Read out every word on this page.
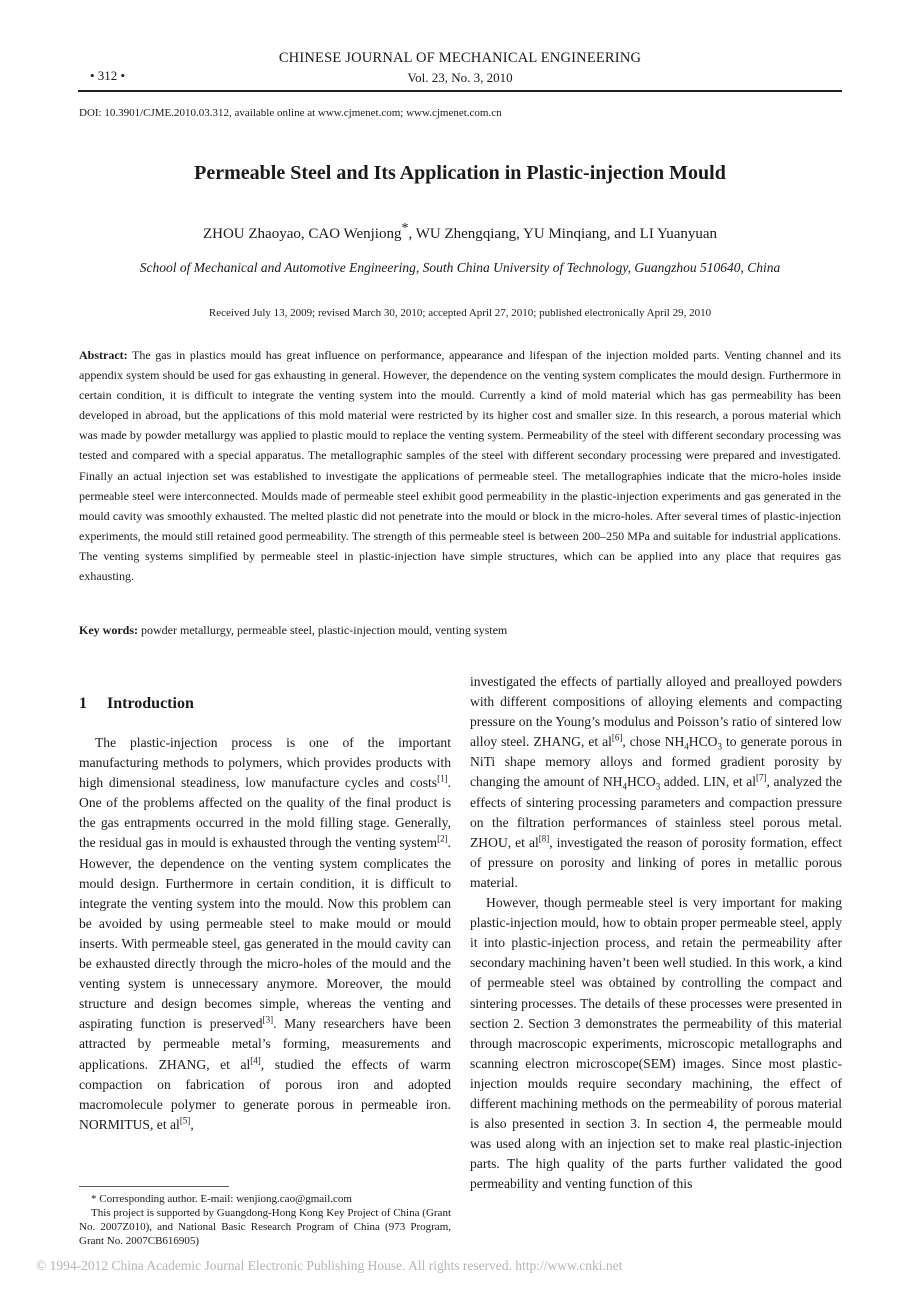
• 312 •
CHINESE JOURNAL OF MECHANICAL ENGINEERING
Vol. 23, No. 3, 2010
DOI: 10.3901/CJME.2010.03.312, available online at www.cjmenet.com; www.cjmenet.com.cn
Permeable Steel and Its Application in Plastic-injection Mould
ZHOU Zhaoyao, CAO Wenjiong*, WU Zhengqiang, YU Minqiang, and LI Yuanyuan
School of Mechanical and Automotive Engineering, South China University of Technology, Guangzhou 510640, China
Received July 13, 2009; revised March 30, 2010; accepted April 27, 2010; published electronically April 29, 2010
Abstract: The gas in plastics mould has great influence on performance, appearance and lifespan of the injection molded parts. Venting channel and its appendix system should be used for gas exhausting in general. However, the dependence on the venting system complicates the mould design. Furthermore in certain condition, it is difficult to integrate the venting system into the mould. Currently a kind of mold material which has gas permeability has been developed in abroad, but the applications of this mold material were restricted by its higher cost and smaller size. In this research, a porous material which was made by powder metallurgy was applied to plastic mould to replace the venting system. Permeability of the steel with different secondary processing was tested and compared with a special apparatus. The metallographic samples of the steel with different secondary processing were prepared and investigated. Finally an actual injection set was established to investigate the applications of permeable steel. The metallographies indicate that the micro-holes inside permeable steel were interconnected. Moulds made of permeable steel exhibit good permeability in the plastic-injection experiments and gas generated in the mould cavity was smoothly exhausted. The melted plastic did not penetrate into the mould or block in the micro-holes. After several times of plastic-injection experiments, the mould still retained good permeability. The strength of this permeable steel is between 200–250 MPa and suitable for industrial applications. The venting systems simplified by permeable steel in plastic-injection have simple structures, which can be applied into any place that requires gas exhausting.
Key words: powder metallurgy, permeable steel, plastic-injection mould, venting system
1 Introduction

The plastic-injection process is one of the important manufacturing methods to polymers, which provides products with high dimensional steadiness, low manufacture cycles and costs[1]. One of the problems affected on the quality of the final product is the gas entrapments occurred in the mold filling stage. Generally, the residual gas in mould is exhausted through the venting system[2]. However, the dependence on the venting system complicates the mould design. Furthermore in certain condition, it is difficult to integrate the venting system into the mould. Now this problem can be avoided by using permeable steel to make mould or mould inserts. With permeable steel, gas generated in the mould cavity can be exhausted directly through the micro-holes of the mould and the venting system is unnecessary anymore. Moreover, the mould structure and design becomes simple, whereas the venting and aspirating function is preserved[3]. Many researchers have been attracted by permeable metal’s forming, measurements and applications. ZHANG, et al[4], studied the effects of warm compaction on fabrication of porous iron and adopted macromolecule polymer to generate porous in permeable iron. NORMITUS, et al[5],

investigated the effects of partially alloyed and prealloyed powders with different compositions of alloying elements and compacting pressure on the Young’s modulus and Poisson’s ratio of sintered low alloy steel. ZHANG, et al[6], chose $NH_4HCO_3$ to generate porous in NiTi shape memory alloys and formed gradient porosity by changing the amount of $NH_4HCO_3$ added. LIN, et al[7], analyzed the effects of sintering processing parameters and compaction pressure on the filtration performances of stainless steel porous metal. ZHOU, et al[8], investigated the reason of porosity formation, effect of pressure on porosity and linking of pores in metallic porous material.

However, though permeable steel is very important for making plastic-injection mould, how to obtain proper permeable steel, apply it into plastic-injection process, and retain the permeability after secondary machining haven’t been well studied. In this work, a kind of permeable steel was obtained by controlling the compact and sintering processes. The details of these processes were presented in section 2. Section 3 demonstrates the permeability of this material through macroscopic experiments, microscopic metallographs and scanning electron microscope(SEM) images. Since most plastic-injection moulds require secondary machining, the effect of different machining methods on the permeability of porous material is also presented in section 3. In section 4, the permeable mould was used along with an injection set to make real plastic-injection parts. The high quality of the parts further validated the good permeability and venting function of this

* Corresponding author. E-mail: wenjiong.cao@gmail.com
This project is supported by Guangdong-Hong Kong Key Project of China (Grant No. 2007Z010), and National Basic Research Program of China (973 Program, Grant No. 2007CB616905)
© 1994-2012 China Academic Journal Electronic Publishing House. All rights reserved. http://www.cnki.net
